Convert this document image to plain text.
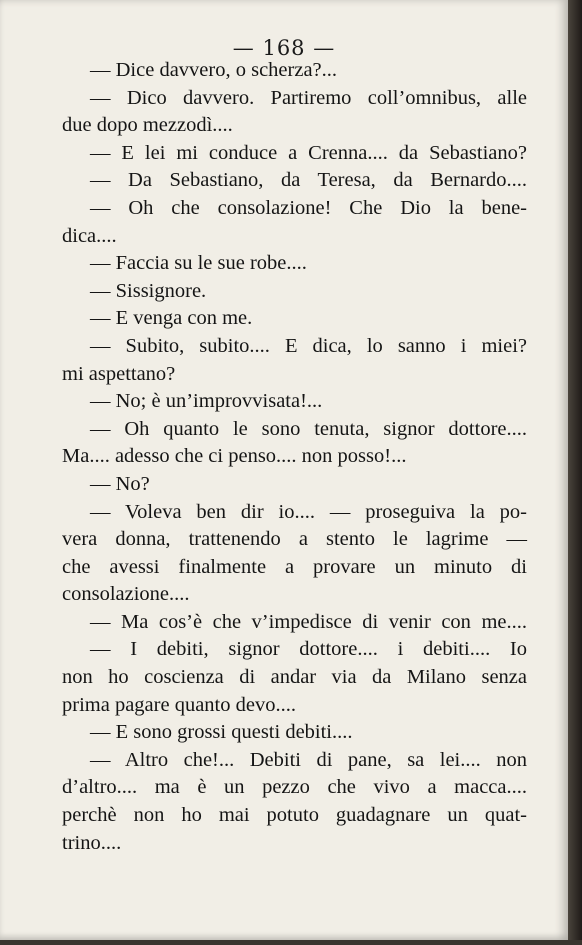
— 168 —
— Dice davvero, o scherza?...
— Dico davvero. Partiremo coll’omnibus, alle
due dopo mezzodì....
— E lei mi conduce a Crenna.... da Sebastiano?
— Da Sebastiano, da Teresa, da Bernardo....
— Oh che consolazione! Che Dio la bene-
dica....
— Faccia su le sue robe....
— Sissignore.
— E venga con me.
— Subito, subito.... E dica, lo sanno i miei?
mi aspettano?
— No; è un’improvvisata!...
— Oh quanto le sono tenuta, signor dottore....
Ma.... adesso che ci penso.... non posso!...
— No?
— Voleva ben dir io.... — proseguiva la po-
vera donna, trattenendo a stento le lagrime —
che avessi finalmente a provare un minuto di
consolazione....
— Ma cos’è che v’impedisce di venir con me....
— I debiti, signor dottore.... i debiti.... Io
non ho coscienza di andar via da Milano senza
prima pagare quanto devo....
— E sono grossi questi debiti....
— Altro che!... Debiti di pane, sa lei.... non
d’altro.... ma è un pezzo che vivo a macca....
perchè non ho mai potuto guadagnare un quat-
trino....
